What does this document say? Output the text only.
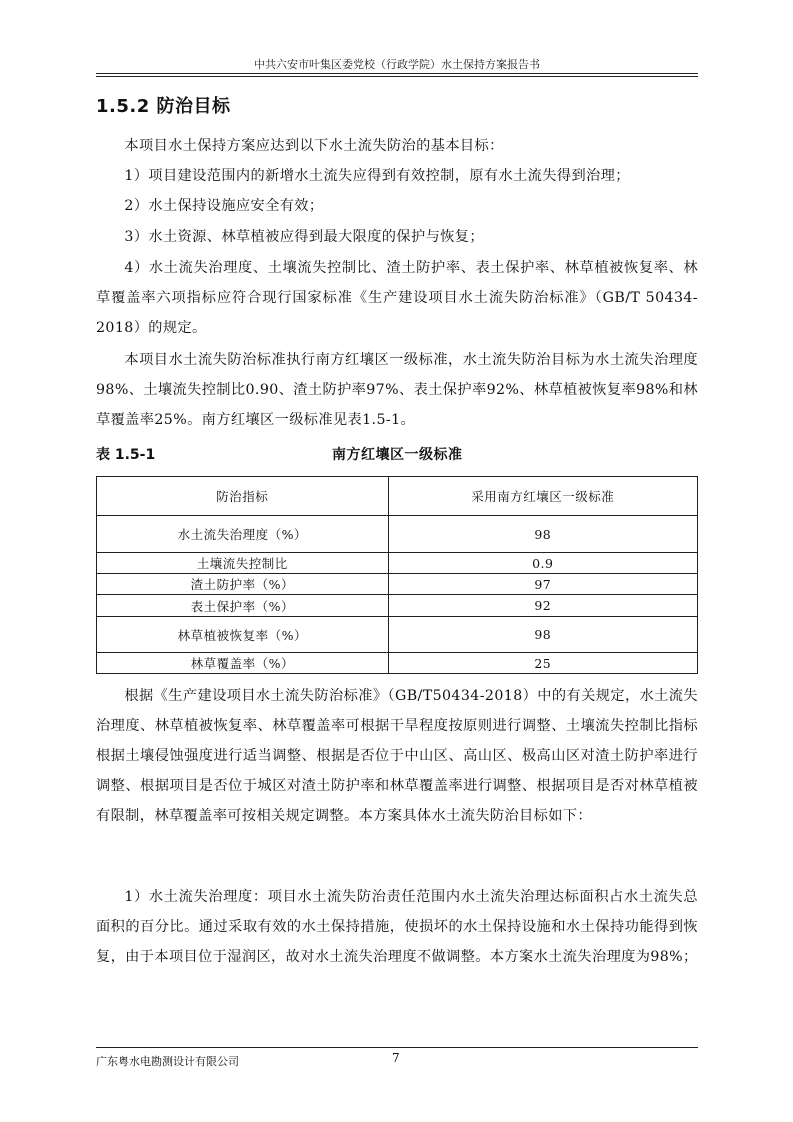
中共六安市叶集区委党校（行政学院）水土保持方案报告书
1.5.2 防治目标

本项目水土保持方案应达到以下水土流失防治的基本目标：

1）项目建设范围内的新增水土流失应得到有效控制，原有水土流失得到治理；

2）水土保持设施应安全有效；

3）水土资源、林草植被应得到最大限度的保护与恢复；

4）水土流失治理度、土壤流失控制比、渣土防护率、表土保护率、林草植被恢复率、林草覆盖率六项指标应符合现行国家标准《生产建设项目水土流失防治标准》（GB/T 50434-2018）的规定。

本项目水土流失防治标准执行南方红壤区一级标准，水土流失防治目标为水土流失治理度98%、土壤流失控制比0.90、渣土防护率97%、表土保护率92%、林草植被恢复率98%和林草覆盖率25%。南方红壤区一级标准见表1.5-1。

表 1.5-1	南方红壤区一级标准
防治指标	采用南方红壤区一级标准
水土流失治理度（%）	98
土壤流失控制比	0.9
渣土防护率（%）	97
表土保护率（%）	92
林草植被恢复率（%）	98
林草覆盖率（%）	25

根据《生产建设项目水土流失防治标准》（GB/T50434-2018）中的有关规定，水土流失治理度、林草植被恢复率、林草覆盖率可根据干旱程度按原则进行调整、土壤流失控制比指标根据土壤侵蚀强度进行适当调整、根据是否位于中山区、高山区、极高山区对渣土防护率进行调整、根据项目是否位于城区对渣土防护率和林草覆盖率进行调整、根据项目是否对林草植被有限制，林草覆盖率可按相关规定调整。本方案具体水土流失防治目标如下：

1）水土流失治理度：项目水土流失防治责任范围内水土流失治理达标面积占水土流失总面积的百分比。通过采取有效的水土保持措施，使损坏的水土保持设施和水土保持功能得到恢复，由于本项目位于湿润区，故对水土流失治理度不做调整。本方案水土流失治理度为98%；

广东粤水电勘测设计有限公司	7
